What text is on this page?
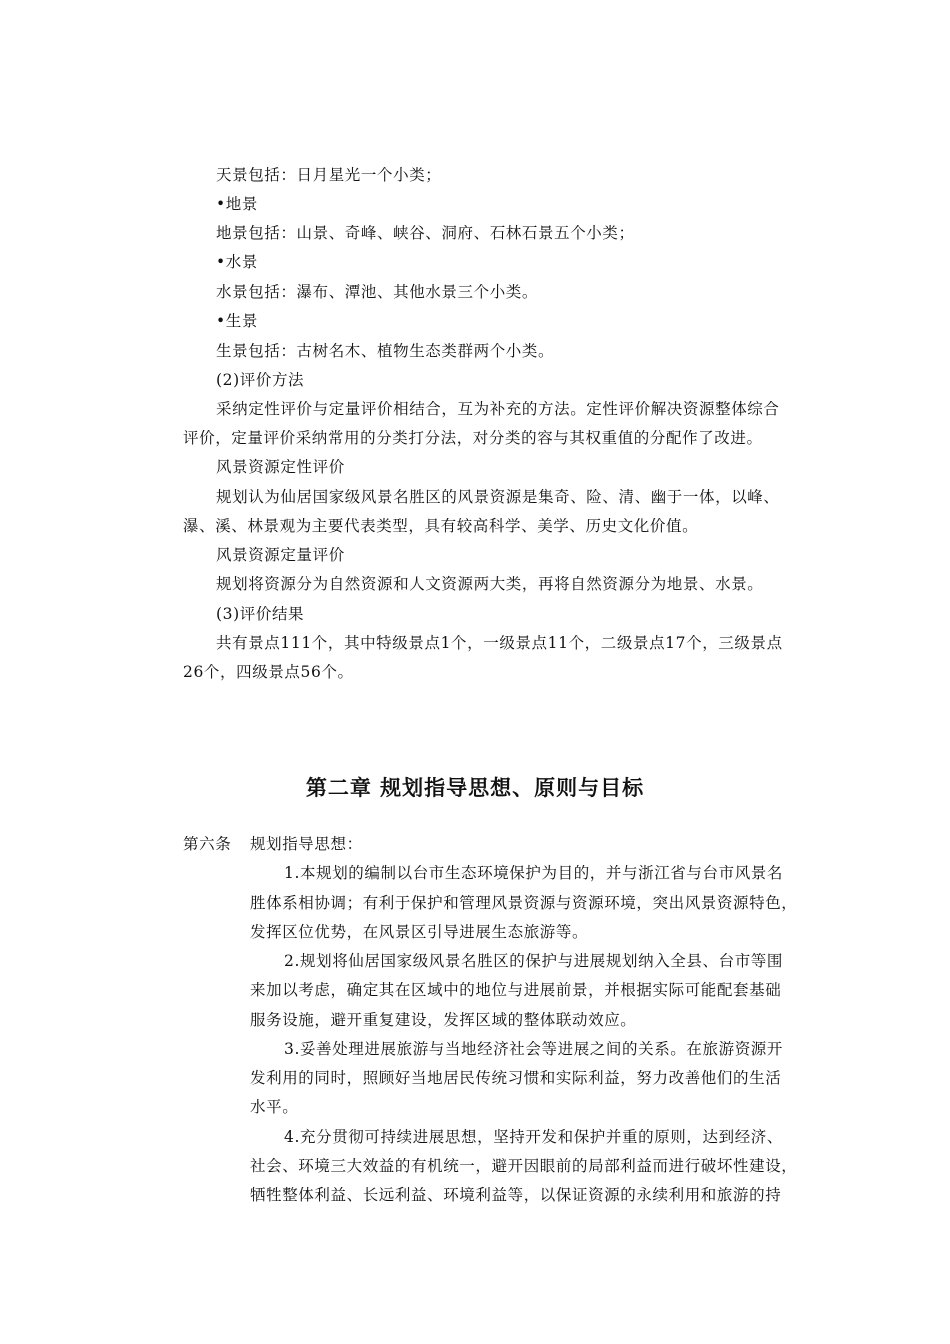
天景包括：日月星光一个小类；
•地景
地景包括：山景、奇峰、峡谷、洞府、石林石景五个小类；
•水景
水景包括：瀑布、潭池、其他水景三个小类。
•生景
生景包括：古树名木、植物生态类群两个小类。
(2)评价方法
采纳定性评价与定量评价相结合，互为补充的方法。定性评价解决资源整体综合
评价，定量评价采纳常用的分类打分法，对分类的容与其权重值的分配作了改进。
风景资源定性评价
规划认为仙居国家级风景名胜区的风景资源是集奇、险、清、幽于一体，以峰、
瀑、溪、林景观为主要代表类型，具有较高科学、美学、历史文化价值。
风景资源定量评价
规划将资源分为自然资源和人文资源两大类，再将自然资源分为地景、水景。
(3)评价结果
共有景点111个，其中特级景点1个，一级景点11个，二级景点17个，三级景点
26个，四级景点56个。
第二章 规划指导思想、原则与目标
第六条 规划指导思想：
1.本规划的编制以台市生态环境保护为目的，并与浙江省与台市风景名
胜体系相协调；有利于保护和管理风景资源与资源环境，突出风景资源特色，
发挥区位优势，在风景区引导进展生态旅游等。
2.规划将仙居国家级风景名胜区的保护与进展规划纳入全县、台市等围
来加以考虑，确定其在区域中的地位与进展前景，并根据实际可能配套基础
服务设施，避开重复建设，发挥区域的整体联动效应。
3.妥善处理进展旅游与当地经济社会等进展之间的关系。在旅游资源开
发利用的同时，照顾好当地居民传统习惯和实际利益，努力改善他们的生活
水平。
4.充分贯彻可持续进展思想，坚持开发和保护并重的原则，达到经济、
社会、环境三大效益的有机统一，避开因眼前的局部利益而进行破坏性建设，
牺牲整体利益、长远利益、环境利益等，以保证资源的永续利用和旅游的持
